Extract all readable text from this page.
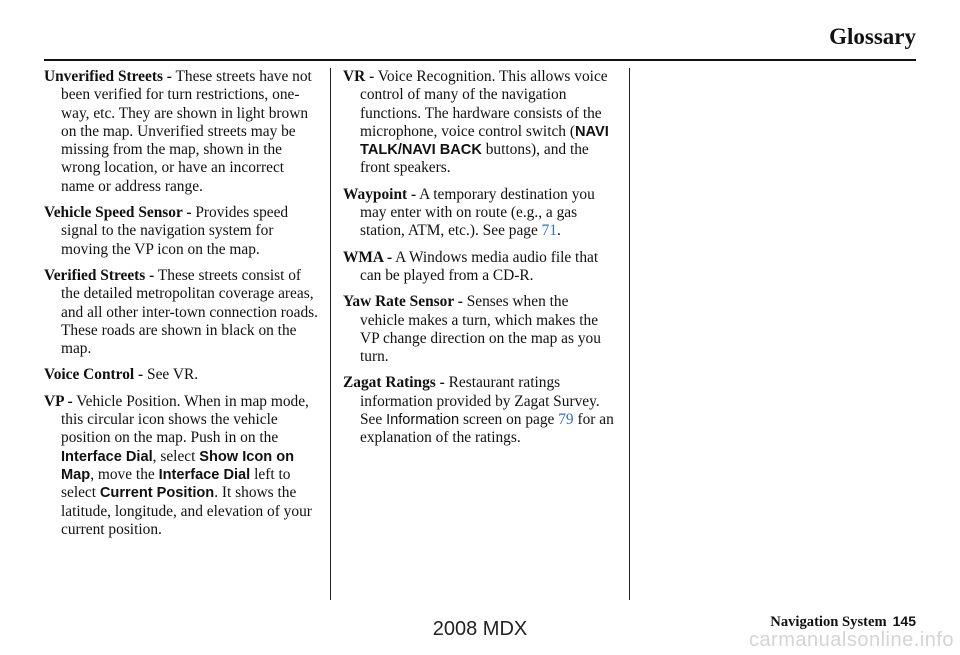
Glossary

Unverified Streets - These streets have not been verified for turn restrictions, one-way, etc. They are shown in light brown on the map. Unverified streets may be missing from the map, shown in the wrong location, or have an incorrect name or address range.

Vehicle Speed Sensor - Provides speed signal to the navigation system for moving the VP icon on the map.

Verified Streets - These streets consist of the detailed metropolitan coverage areas, and all other inter-town connection roads. These roads are shown in black on the map.

Voice Control - See VR.

VP - Vehicle Position. When in map mode, this circular icon shows the vehicle position on the map. Push in on the Interface Dial, select Show Icon on Map, move the Interface Dial left to select Current Position. It shows the latitude, longitude, and elevation of your current position.

VR - Voice Recognition. This allows voice control of many of the navigation functions. The hardware consists of the microphone, voice control switch (NAVI TALK/NAVI BACK buttons), and the front speakers.

Waypoint - A temporary destination you may enter with on route (e.g., a gas station, ATM, etc.). See page 71.

WMA - A Windows media audio file that can be played from a CD-R.

Yaw Rate Sensor - Senses when the vehicle makes a turn, which makes the VP change direction on the map as you turn.

Zagat Ratings - Restaurant ratings information provided by Zagat Survey. See Information screen on page 79 for an explanation of the ratings.

Navigation System 145
2008 MDX	carmanualsonline.info
